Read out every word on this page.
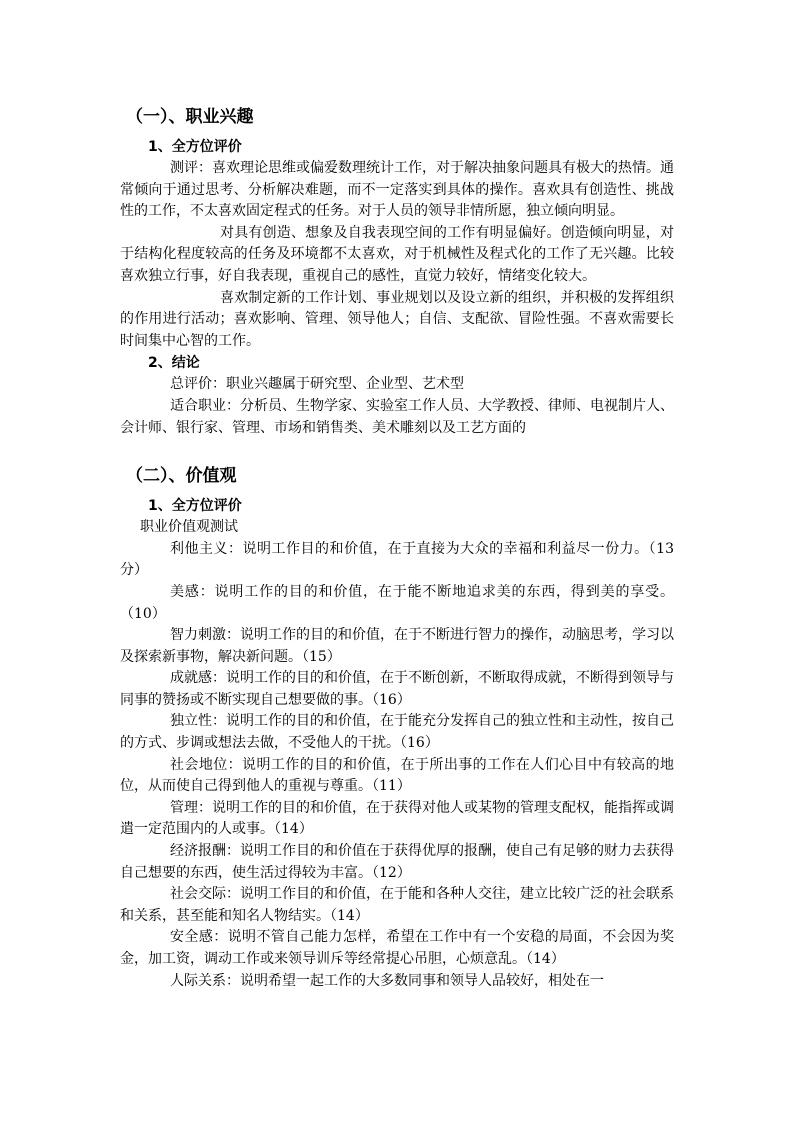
（一）、职业兴趣
1、全方位评价

测评：喜欢理论思维或偏爱数理统计工作，对于解决抽象问题具有极大的热情。通常倾向于通过思考、分析解决难题，而不一定落实到具体的操作。喜欢具有创造性、挑战性的工作，不太喜欢固定程式的任务。对于人员的领导非情所愿，独立倾向明显。

对具有创造、想象及自我表现空间的工作有明显偏好。创造倾向明显，对于结构化程度较高的任务及环境都不太喜欢，对于机械性及程式化的工作了无兴趣。比较喜欢独立行事，好自我表现，重视自己的感性，直觉力较好，情绪变化较大。

喜欢制定新的工作计划、事业规划以及设立新的组织，并积极的发挥组织的作用进行活动；喜欢影响、管理、领导他人；自信、支配欲、冒险性强。不喜欢需要长时间集中心智的工作。

2、结论

总评价：职业兴趣属于研究型、企业型、艺术型

适合职业：分析员、生物学家、实验室工作人员、大学教授、律师、电视制片人、会计师、银行家、管理、市场和销售类、美术雕刻以及工艺方面的

（二）、价值观
1、全方位评价

职业价值观测试

利他主义：说明工作目的和价值，在于直接为大众的幸福和利益尽一份力。（13 分）

美感：说明工作的目的和价值，在于能不断地追求美的东西，得到美的享受。（10）

智力刺激：说明工作的目的和价值，在于不断进行智力的操作，动脑思考，学习以及探索新事物，解决新问题。（15）

成就感：说明工作的目的和价值，在于不断创新，不断取得成就，不断得到领导与同事的赞扬或不断实现自己想要做的事。（16）

独立性：说明工作的目的和价值，在于能充分发挥自己的独立性和主动性，按自己的方式、步调或想法去做，不受他人的干扰。（16）

社会地位：说明工作的目的和价值，在于所出事的工作在人们心目中有较高的地位，从而使自己得到他人的重视与尊重。（11）

管理：说明工作的目的和价值，在于获得对他人或某物的管理支配权，能指挥或调遣一定范围内的人或事。（14）

经济报酬：说明工作目的和价值在于获得优厚的报酬，使自己有足够的财力去获得自己想要的东西，使生活过得较为丰富。（12）

社会交际：说明工作目的和价值，在于能和各种人交往，建立比较广泛的社会联系和关系，甚至能和知名人物结实。（14）

安全感：说明不管自己能力怎样，希望在工作中有一个安稳的局面，不会因为奖金，加工资，调动工作或来领导训斥等经常提心吊胆，心烦意乱。（14）

人际关系：说明希望一起工作的大多数同事和领导人品较好，相处在一
